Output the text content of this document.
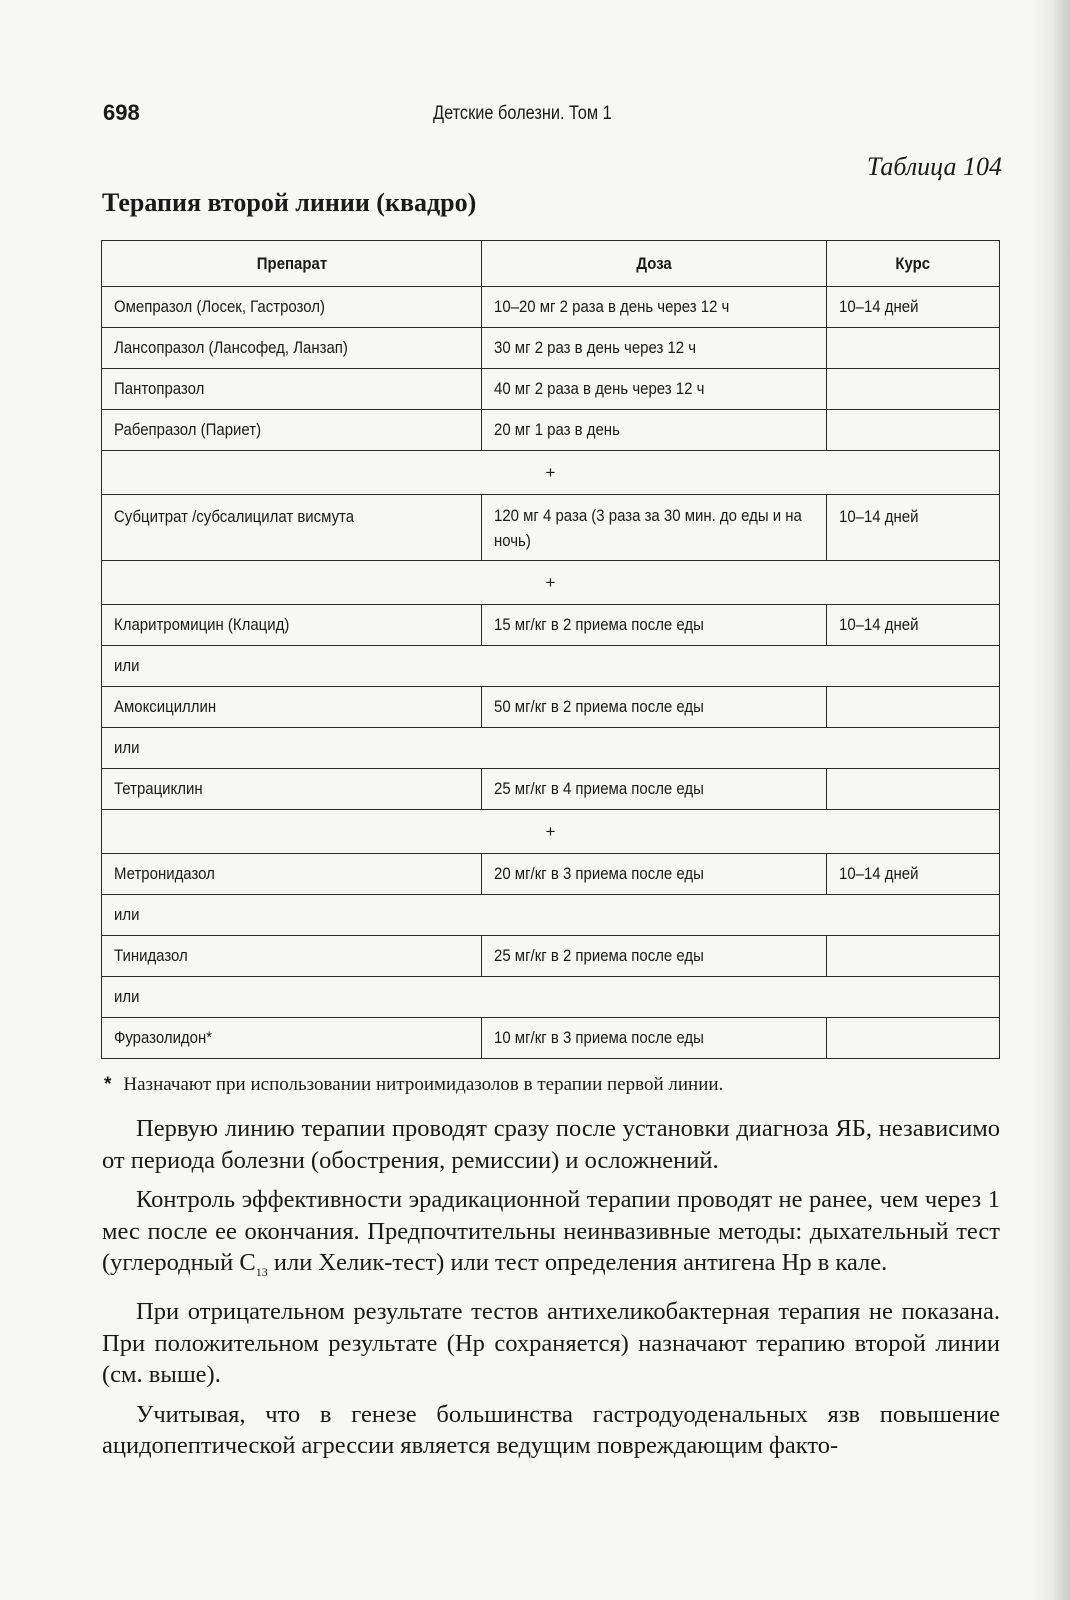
698	Детские болезни. Том 1
Таблица 104
Терапия второй линии (квадро)
Препарат	Доза	Курс
Омепразол (Лосек, Гастрозол)	10–20 мг 2 раза в день через 12 ч	10–14 дней
Лансопразол (Лансофед, Ланзап)	30 мг 2 раз в день через 12 ч	
Пантопразол	40 мг 2 раза в день через 12 ч	
Рабепразол (Париет)	20 мг 1 раз в день	
+		
Субцитрат /субсалицилат висмута	120 мг 4 раза (3 раза за 30 мин. до еды и на ночь)	10–14 дней
+		
Кларитромицин (Клацид)	15 мг/кг в 2 приема после еды	10–14 дней
или		
Амоксициллин	50 мг/кг в 2 приема после еды	
или		
Тетрациклин	25 мг/кг в 4 приема после еды	
+		
Метронидазол	20 мг/кг в 3 приема после еды	10–14 дней
или		
Тинидазол	25 мг/кг в 2 приема после еды	
или		
Фуразолидон*	10 мг/кг в 3 приема после еды	
* Назначают при использовании нитроимидазолов в терапии первой линии.

Первую линию терапии проводят сразу после установки диагноза ЯБ, независимо от периода болезни (обострения, ремиссии) и осложнений.

Контроль эффективности эрадикационной терапии проводят не ранее, чем через 1 мес после ее окончания. Предпочтительны неинвазивные методы: дыхательный тест (углеродный $С_{13}$ или Хелик-тест) или тест определения антигена Нр в кале.

При отрицательном результате тестов антихеликобактерная терапия не показана. При положительном результате (Нр сохраняется) назначают терапию второй линии (см. выше).

Учитывая, что в генезе большинства гастродуоденальных язв повышение ацидопептической агрессии является ведущим повреждающим факто-
